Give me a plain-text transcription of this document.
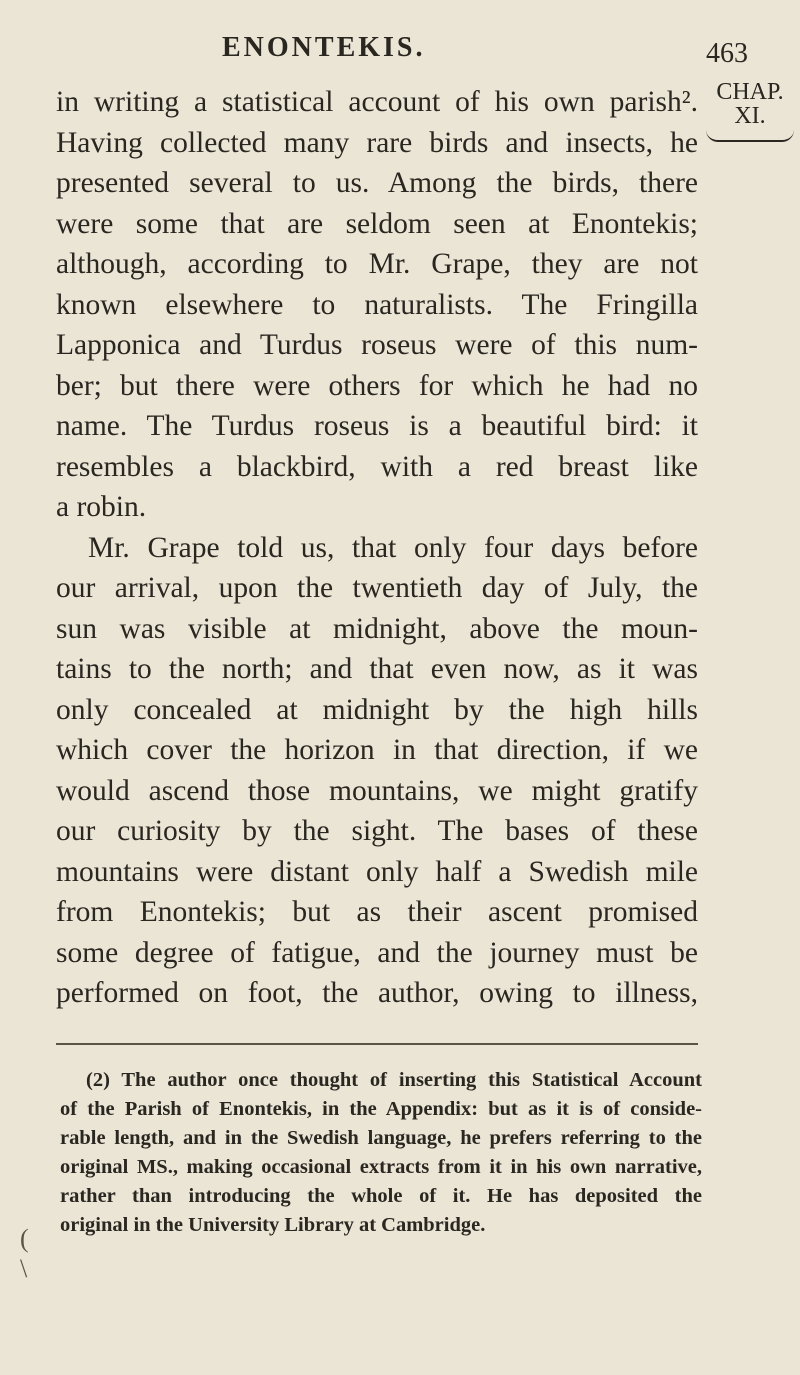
ENONTEKIS.	463
CHAP.
XI.
in writing a statistical account of his own parish².
Having collected many rare birds and insects, he
presented several to us. Among the birds, there
were some that are seldom seen at Enontekis;
although, according to Mr. Grape, they are not
known elsewhere to naturalists. The Fringilla
Lapponica and Turdus roseus were of this num-
ber; but there were others for which he had no
name. The Turdus roseus is a beautiful bird: it
resembles a blackbird, with a red breast like
a robin.
Mr. Grape told us, that only four days before
our arrival, upon the twentieth day of July, the
sun was visible at midnight, above the moun-
tains to the north; and that even now, as it was
only concealed at midnight by the high hills
which cover the horizon in that direction, if we
would ascend those mountains, we might gratify
our curiosity by the sight. The bases of these
mountains were distant only half a Swedish mile
from Enontekis; but as their ascent promised
some degree of fatigue, and the journey must be
performed on foot, the author, owing to illness,
(2) The author once thought of inserting this Statistical Account
of the Parish of Enontekis, in the Appendix: but as it is of conside-
rable length, and in the Swedish language, he prefers referring to the
original MS., making occasional extracts from it in his own narrative,
rather than introducing the whole of it. He has deposited the
original in the University Library at Cambridge.
(
\
